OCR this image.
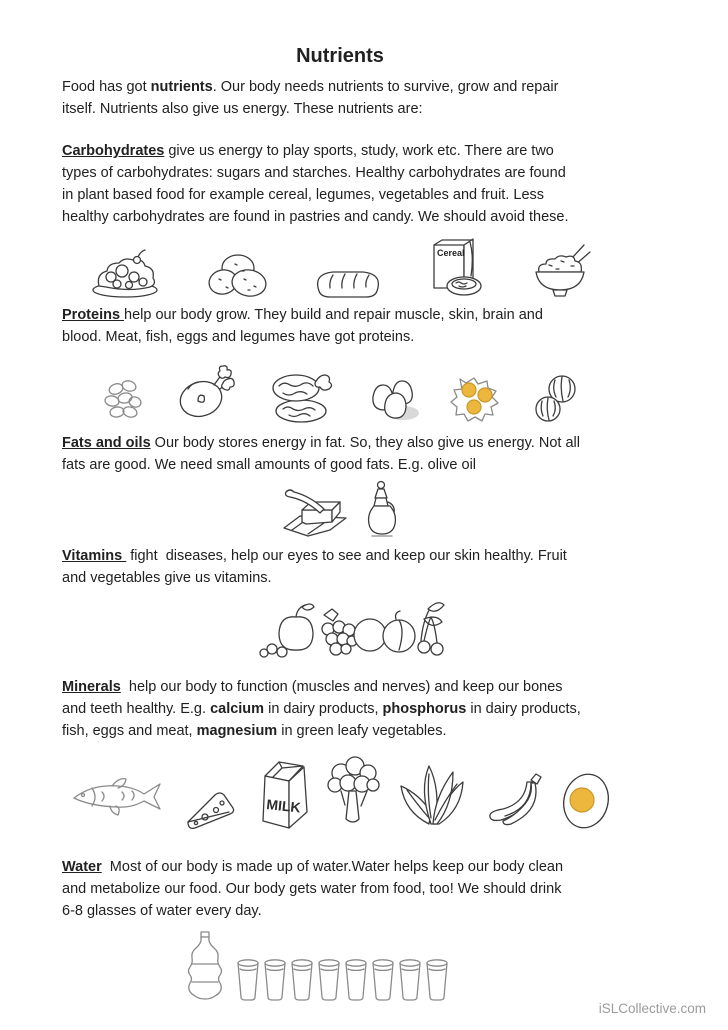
Nutrients
Food has got nutrients. Our body needs nutrients to survive, grow and repair
itself. Nutrients also give us energy. These nutrients are:
Carbohydrates give us energy to play sports, study, work etc. There are two
types of carbohydrates: sugars and starches. Healthy carbohydrates are found
in plant based food for example cereal, legumes, vegetables and fruit. Less
healthy carbohydrates are found in pastries and candy. We should avoid these.
Cereal
Proteins help our body grow. They build and repair muscle, skin, brain and
blood. Meat, fish, eggs and legumes have got proteins.
Fats and oils Our body stores energy in fat. So, they also give us energy. Not all
fats are good. We need small amounts of good fats. E.g. olive oil
Vitamins  fight  diseases, help our eyes to see and keep our skin healthy. Fruit
and vegetables give us vitamins.
Minerals  help our body to function (muscles and nerves) and keep our bones
and teeth healthy. E.g. calcium in dairy products, phosphorus in dairy products,
fish, eggs and meat, magnesium in green leafy vegetables.
MILK
Water  Most of our body is made up of water.Water helps keep our body clean
and metabolize our food. Our body gets water from food, too! We should drink
6-8 glasses of water every day.
iSLCollective.com
